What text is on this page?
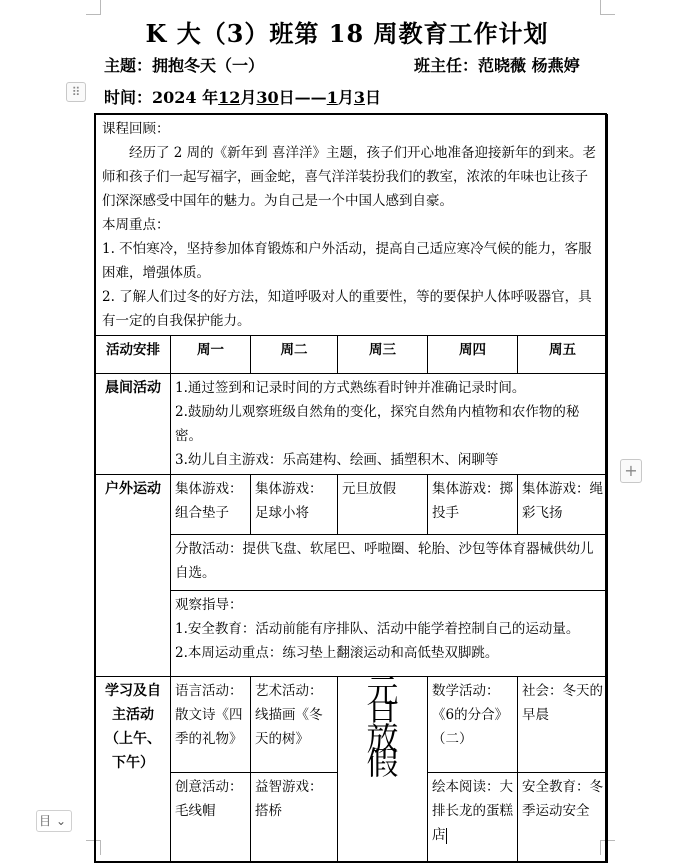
K 大（3）班第 18 周教育工作计划
主题：拥抱冬天（一）	班主任：范晓薇 杨燕婷
⠿	时间：2024 年12月30日——1月3日
课程回顾：
经历了 2 周的《新年到 喜洋洋》主题，孩子们开心地准备迎接新年的到来。老师和孩子们一起写福字，画金蛇，喜气洋洋装扮我们的教室，浓浓的年味也让孩子们深深感受中国年的魅力。为自己是一个中国人感到自豪。
本周重点：
1. 不怕寒冷，坚持参加体育锻炼和户外活动，提高自己适应寒冷气候的能力，客服困难，增强体质。
2. 了解人们过冬的好方法，知道呼吸对人的重要性，等的要保护人体呼吸器官，具有一定的自我保护能力。					

活动安排	周一	周二	周三	周四	周五
晨间活动	1.通过签到和记录时间的方式熟练看时钟并准确记录时间。
2.鼓励幼儿观察班级自然角的变化，探究自然角内植物和农作物的秘密。
3.幼儿自主游戏：乐高建构、绘画、插塑积木、闲聊等				

户外运动	集体游戏：组合垫子	集体游戏：足球小将	元旦放假	集体游戏：掷投手	集体游戏：绳彩飞扬
	分散活动：提供飞盘、软尾巴、呼啦圈、轮胎、沙包等体育器械供幼儿自选。				

	观察指导：
1.安全教育：活动前能有序排队、活动中能学着控制自己的运动量。
2.本周运动重点：练习垫上翻滚运动和高低垫双脚跳。				

学习及自
主活动
（上午、
下午）	语言活动：散文诗《四季的礼物》	艺术活动：线描画《冬天的树》	元旦放假	数学活动：《6的分合》（二）	社会：冬天的早晨
	创意活动：毛线帽	益智游戏：搭桥		绘本阅读：大排长龙的蛋糕店	安全教育：冬季运动安全
+
目 ⌄
